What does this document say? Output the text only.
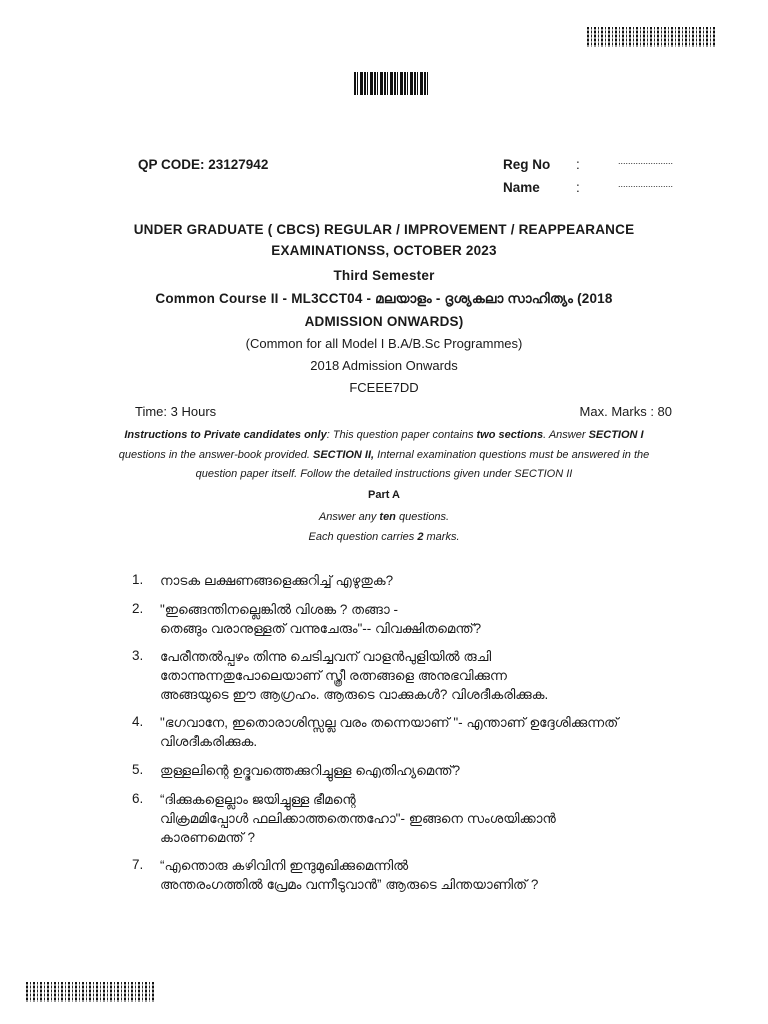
QP CODE: 23127942	Reg No :	......................
Name	:	......................
UNDER GRADUATE ( CBCS) REGULAR / IMPROVEMENT / REAPPEARANCE
EXAMINATIONSS, OCTOBER 2023
Third Semester
Common Course II - ML3CCT04 - മലയാളം - ദൃശ്യകലാ സാഹിത്യം (2018
ADMISSION ONWARDS)
(Common for all Model I B.A/B.Sc Programmes)
2018 Admission Onwards
FCEEE7DD
Time: 3 Hours	Max. Marks : 80
Instructions to Private candidates only: This question paper contains two sections. Answer SECTION I
questions in the answer-book provided. SECTION II, Internal examination questions must be answered in the
question paper itself. Follow the detailed instructions given under SECTION II
Part A
Answer any ten questions.
Each question carries 2 marks.
1. നാടക ലക്ഷണങ്ങളെക്കുറിച്ച് എഴുതുക?
2. "ഇങ്ങെന്തിനല്ലെങ്കിൽ വിശങ്ക ? തങ്ങാ -
തെങ്ങും വരാനുള്ളത് വന്നുചേരും"-- വിവക്ഷിതമെന്ത്?
3. പേരീന്തൽപ്പഴം തിന്നു ചെടിച്ചവന് വാളൻപുളിയിൽ രുചി
തോന്നുന്നതുപോലെയാണ് സ്ത്രീ രത്നങ്ങളെ അനുഭവിക്കുന്ന
അങ്ങയുടെ ഈ ആഗ്രഹം. ആരുടെ വാക്കുകൾ? വിശദീകരിക്കുക.
4. "ഭഗവാനേ, ഇതൊരാശിസ്സല്ല വരം തന്നെയാണ് "- എന്താണ് ഉദ്ദേശിക്കുന്നത്
വിശദീകരിക്കുക.
5. തുള്ളലിന്റെ ഉദ്ഭവത്തെക്കുറിച്ചുള്ള ഐതിഹ്യമെന്ത്?
6. “ദിക്കുകളെല്ലാം ജയിച്ചുള്ള ഭീമന്റെ
വിക്രമമിപ്പോൾ ഫലിക്കാത്തതെന്തഹോ"- ഇങ്ങനെ സംശയിക്കാൻ
കാരണമെന്ത് ?
7. “എന്തൊരു കഴിവിനി ഇന്ദുമുഖിക്കുമെന്നിൽ
അന്തരംഗത്തിൽ പ്രേമം വന്നീടുവാൻ” ആരുടെ ചിന്തയാണിത് ?
